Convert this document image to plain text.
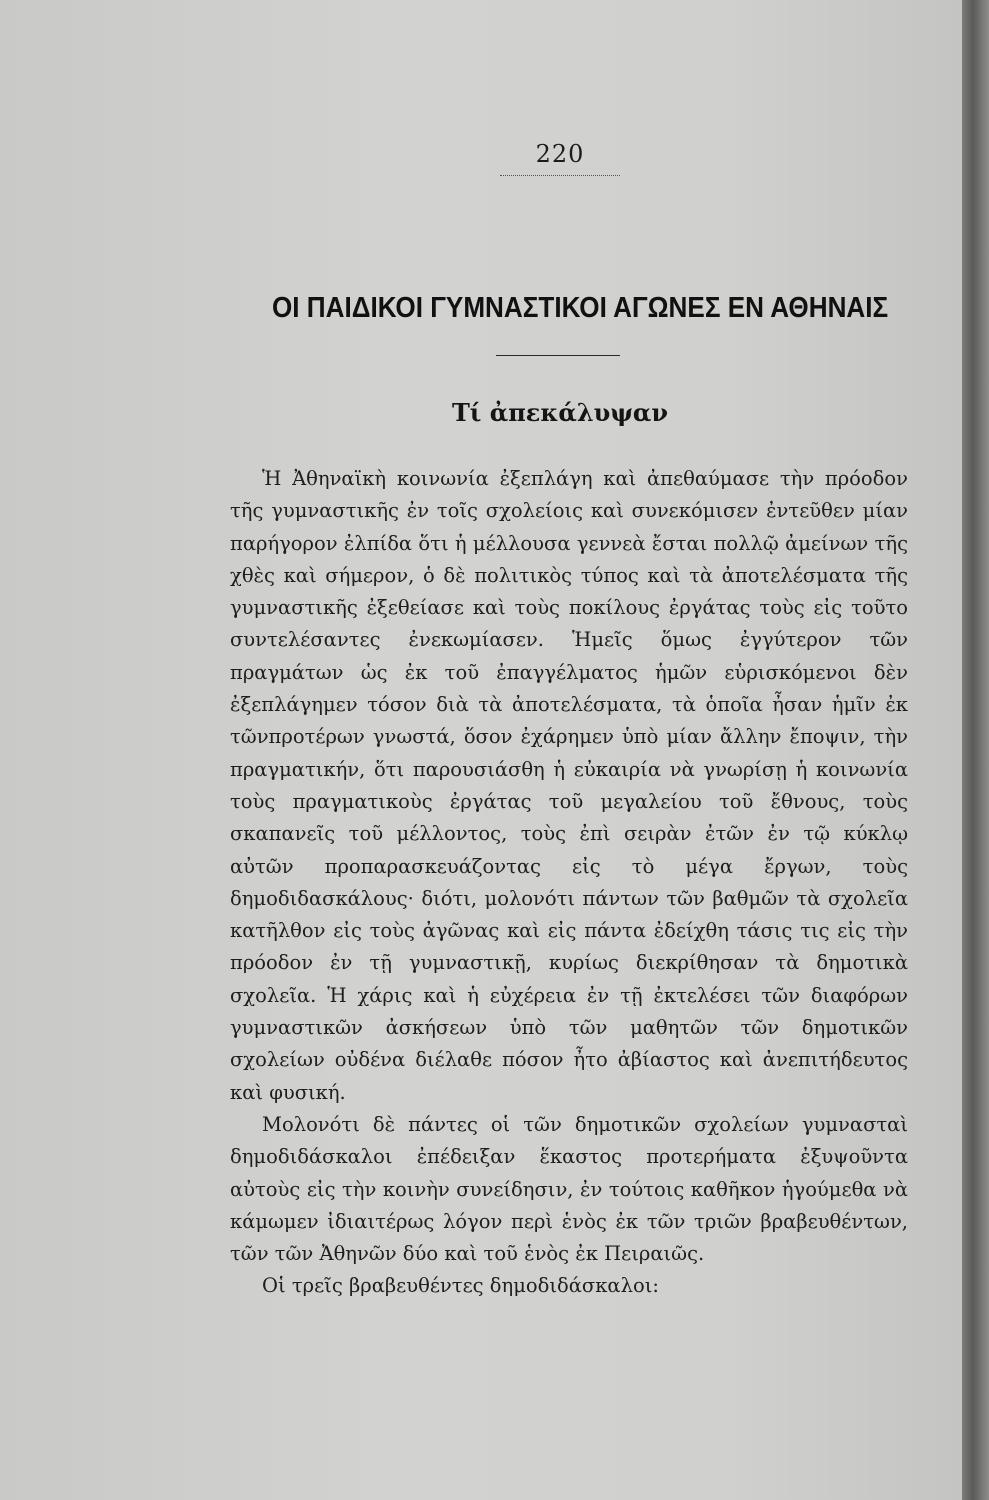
220
ΟΙ ΠΑΙΔΙΚΟΙ ΓΥΜΝΑΣΤΙΚΟΙ ΑΓΩΝΕΣ ΕΝ ΑΘΗΝΑΙΣ
Τί ἀπεκάλυψαν

Ἡ Ἀθηναϊκὴ κοινωνία ἐξεπλάγη καὶ ἀπεθαύμασε τὴν πρόοδον τῆς γυμναστικῆς ἐν τοῖς σχολείοις καὶ συνεκόμισεν ἐντεῦθεν μίαν παρήγορον ἐλπίδα ὅτι ἡ μέλλουσα γεννεὰ ἔσται πολλῷ ἀμείνων τῆς χθὲς καὶ σήμερον, ὁ δὲ πολιτικὸς τύπος καὶ τὰ ἀποτελέσματα τῆς γυμναστικῆς ἐξεθείασε καὶ τοὺς ποκίλους ἐργάτας τοὺς εἰς τοῦτο συντελέσαντες ἐνεκωμίασεν. Ἡμεῖς ὅμως ἐγγύτερον τῶν πραγμάτων ὡς ἐκ τοῦ ἐπαγγέλματος ἡμῶν εὑρισκόμενοι δὲν ἐξεπλάγημεν τόσον διὰ τὰ ἀποτελέσματα, τὰ ὁποῖα ἦσαν ἡμῖν ἐκ τῶνπροτέρων γνωστά, ὅσον ἐχάρημεν ὑπὸ μίαν ἄλλην ἔποψιν, τὴν πραγματικήν, ὅτι παρουσιάσθη ἡ εὐκαιρία νὰ γνωρίσῃ ἡ κοινωνία τοὺς πραγματικοὺς ἐργάτας τοῦ μεγαλείου τοῦ ἔθνους, τοὺς σκαπανεῖς τοῦ μέλλοντος, τοὺς ἐπὶ σειρὰν ἐτῶν ἐν τῷ κύκλῳ αὐτῶν προπαρασκευάζοντας εἰς τὸ μέγα ἔργων, τοὺς δημοδιδασκάλους· διότι, μολονότι πάντων τῶν βαθμῶν τὰ σχολεῖα κατῆλθον εἰς τοὺς ἀγῶνας καὶ εἰς πάντα ἐδείχθη τάσις τις εἰς τὴν πρόοδον ἐν τῇ γυμναστικῇ, κυρίως διεκρίθησαν τὰ δημοτικὰ σχολεῖα. Ἡ χάρις καὶ ἡ εὐχέρεια ἐν τῇ ἐκτελέσει τῶν διαφόρων γυμναστικῶν ἀσκήσεων ὑπὸ τῶν μαθητῶν τῶν δημοτικῶν σχολείων οὐδένα διέλαθε πόσον ἦτο ἀβίαστος καὶ ἀνεπιτήδευτος καὶ φυσική.

Μολονότι δὲ πάντες οἱ τῶν δημοτικῶν σχολείων γυμνασταὶ δημοδιδάσκαλοι ἐπέδειξαν ἕκαστος προτερήματα ἐξυψοῦντα αὐτοὺς εἰς τὴν κοινὴν συνείδησιν, ἐν τούτοις καθῆκον ἡγούμεθα νὰ κάμωμεν ἰδιαιτέρως λόγον περὶ ἑνὸς ἐκ τῶν τριῶν βραβευθέντων, τῶν τῶν Ἀθηνῶν δύο καὶ τοῦ ἑνὸς ἐκ Πειραιῶς.

Οἱ τρεῖς βραβευθέντες δημοδιδάσκαλοι:
